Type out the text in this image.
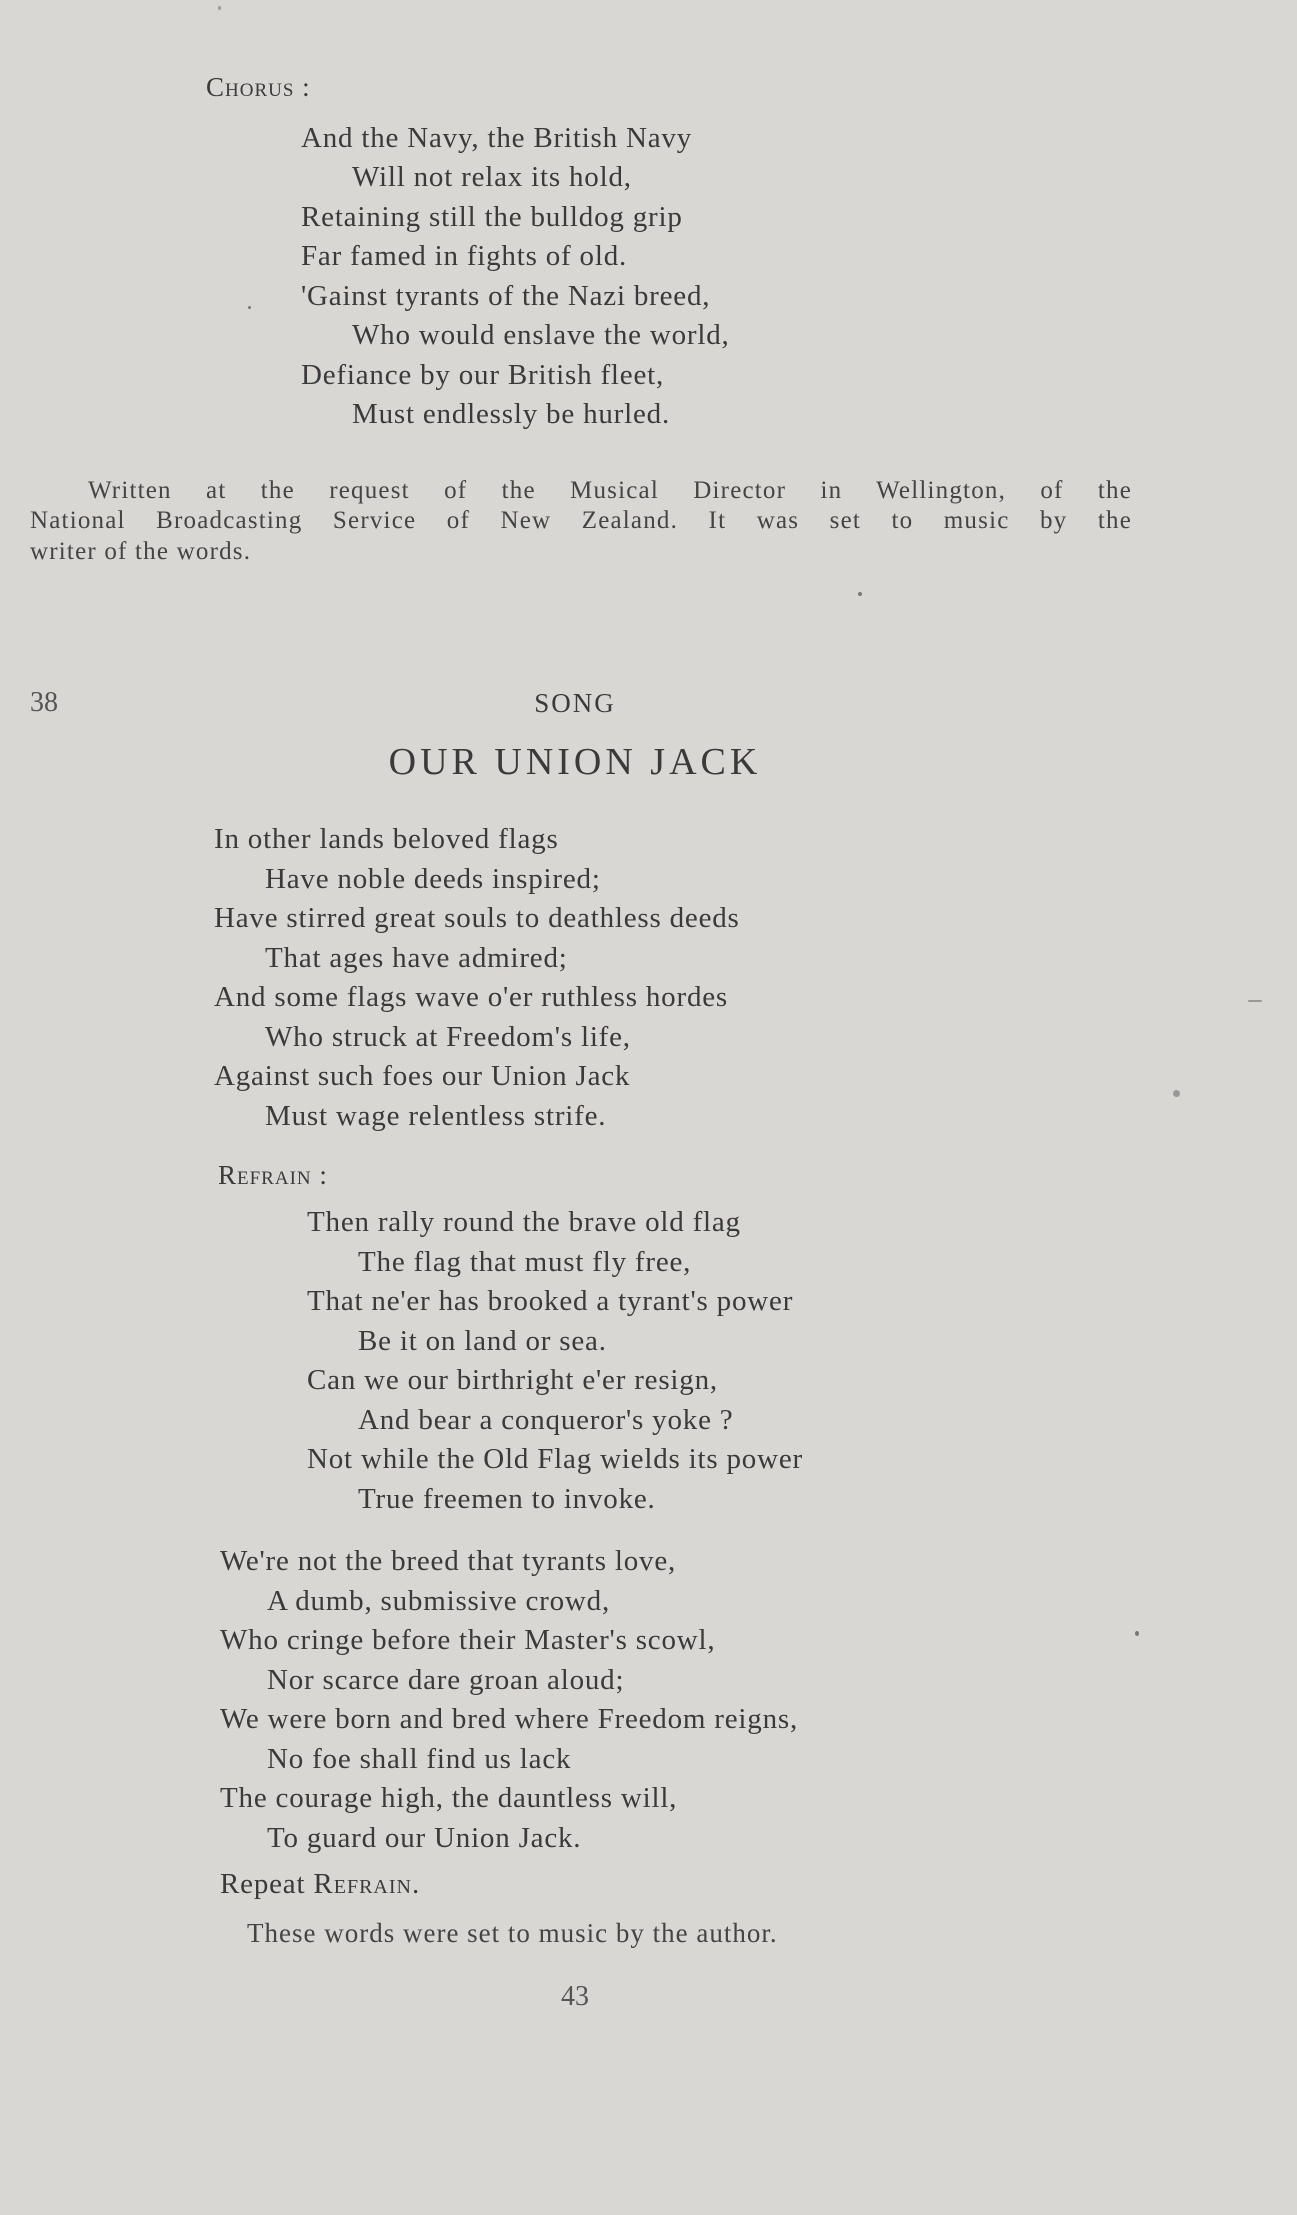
Chorus :
And the Navy, the British Navy
Will not relax its hold,
Retaining still the bulldog grip
Far famed in fights of old.
'Gainst tyrants of the Nazi breed,
Who would enslave the world,
Defiance by our British fleet,
Must endlessly be hurled.
Written at the request of the Musical Director in Wellington, of the
National Broadcasting Service of New Zealand. It was set to music by the
writer of the words.
38	SONG
OUR UNION JACK
In other lands beloved flags
Have noble deeds inspired;
Have stirred great souls to deathless deeds
That ages have admired;
And some flags wave o'er ruthless hordes
Who struck at Freedom's life,
Against such foes our Union Jack
Must wage relentless strife.
Refrain :
Then rally round the brave old flag
The flag that must fly free,
That ne'er has brooked a tyrant's power
Be it on land or sea.
Can we our birthright e'er resign,
And bear a conqueror's yoke ?
Not while the Old Flag wields its power
True freemen to invoke.
We're not the breed that tyrants love,
A dumb, submissive crowd,
Who cringe before their Master's scowl,
Nor scarce dare groan aloud;
We were born and bred where Freedom reigns,
No foe shall find us lack
The courage high, the dauntless will,
To guard our Union Jack.
Repeat Refrain.
These words were set to music by the author.
43
